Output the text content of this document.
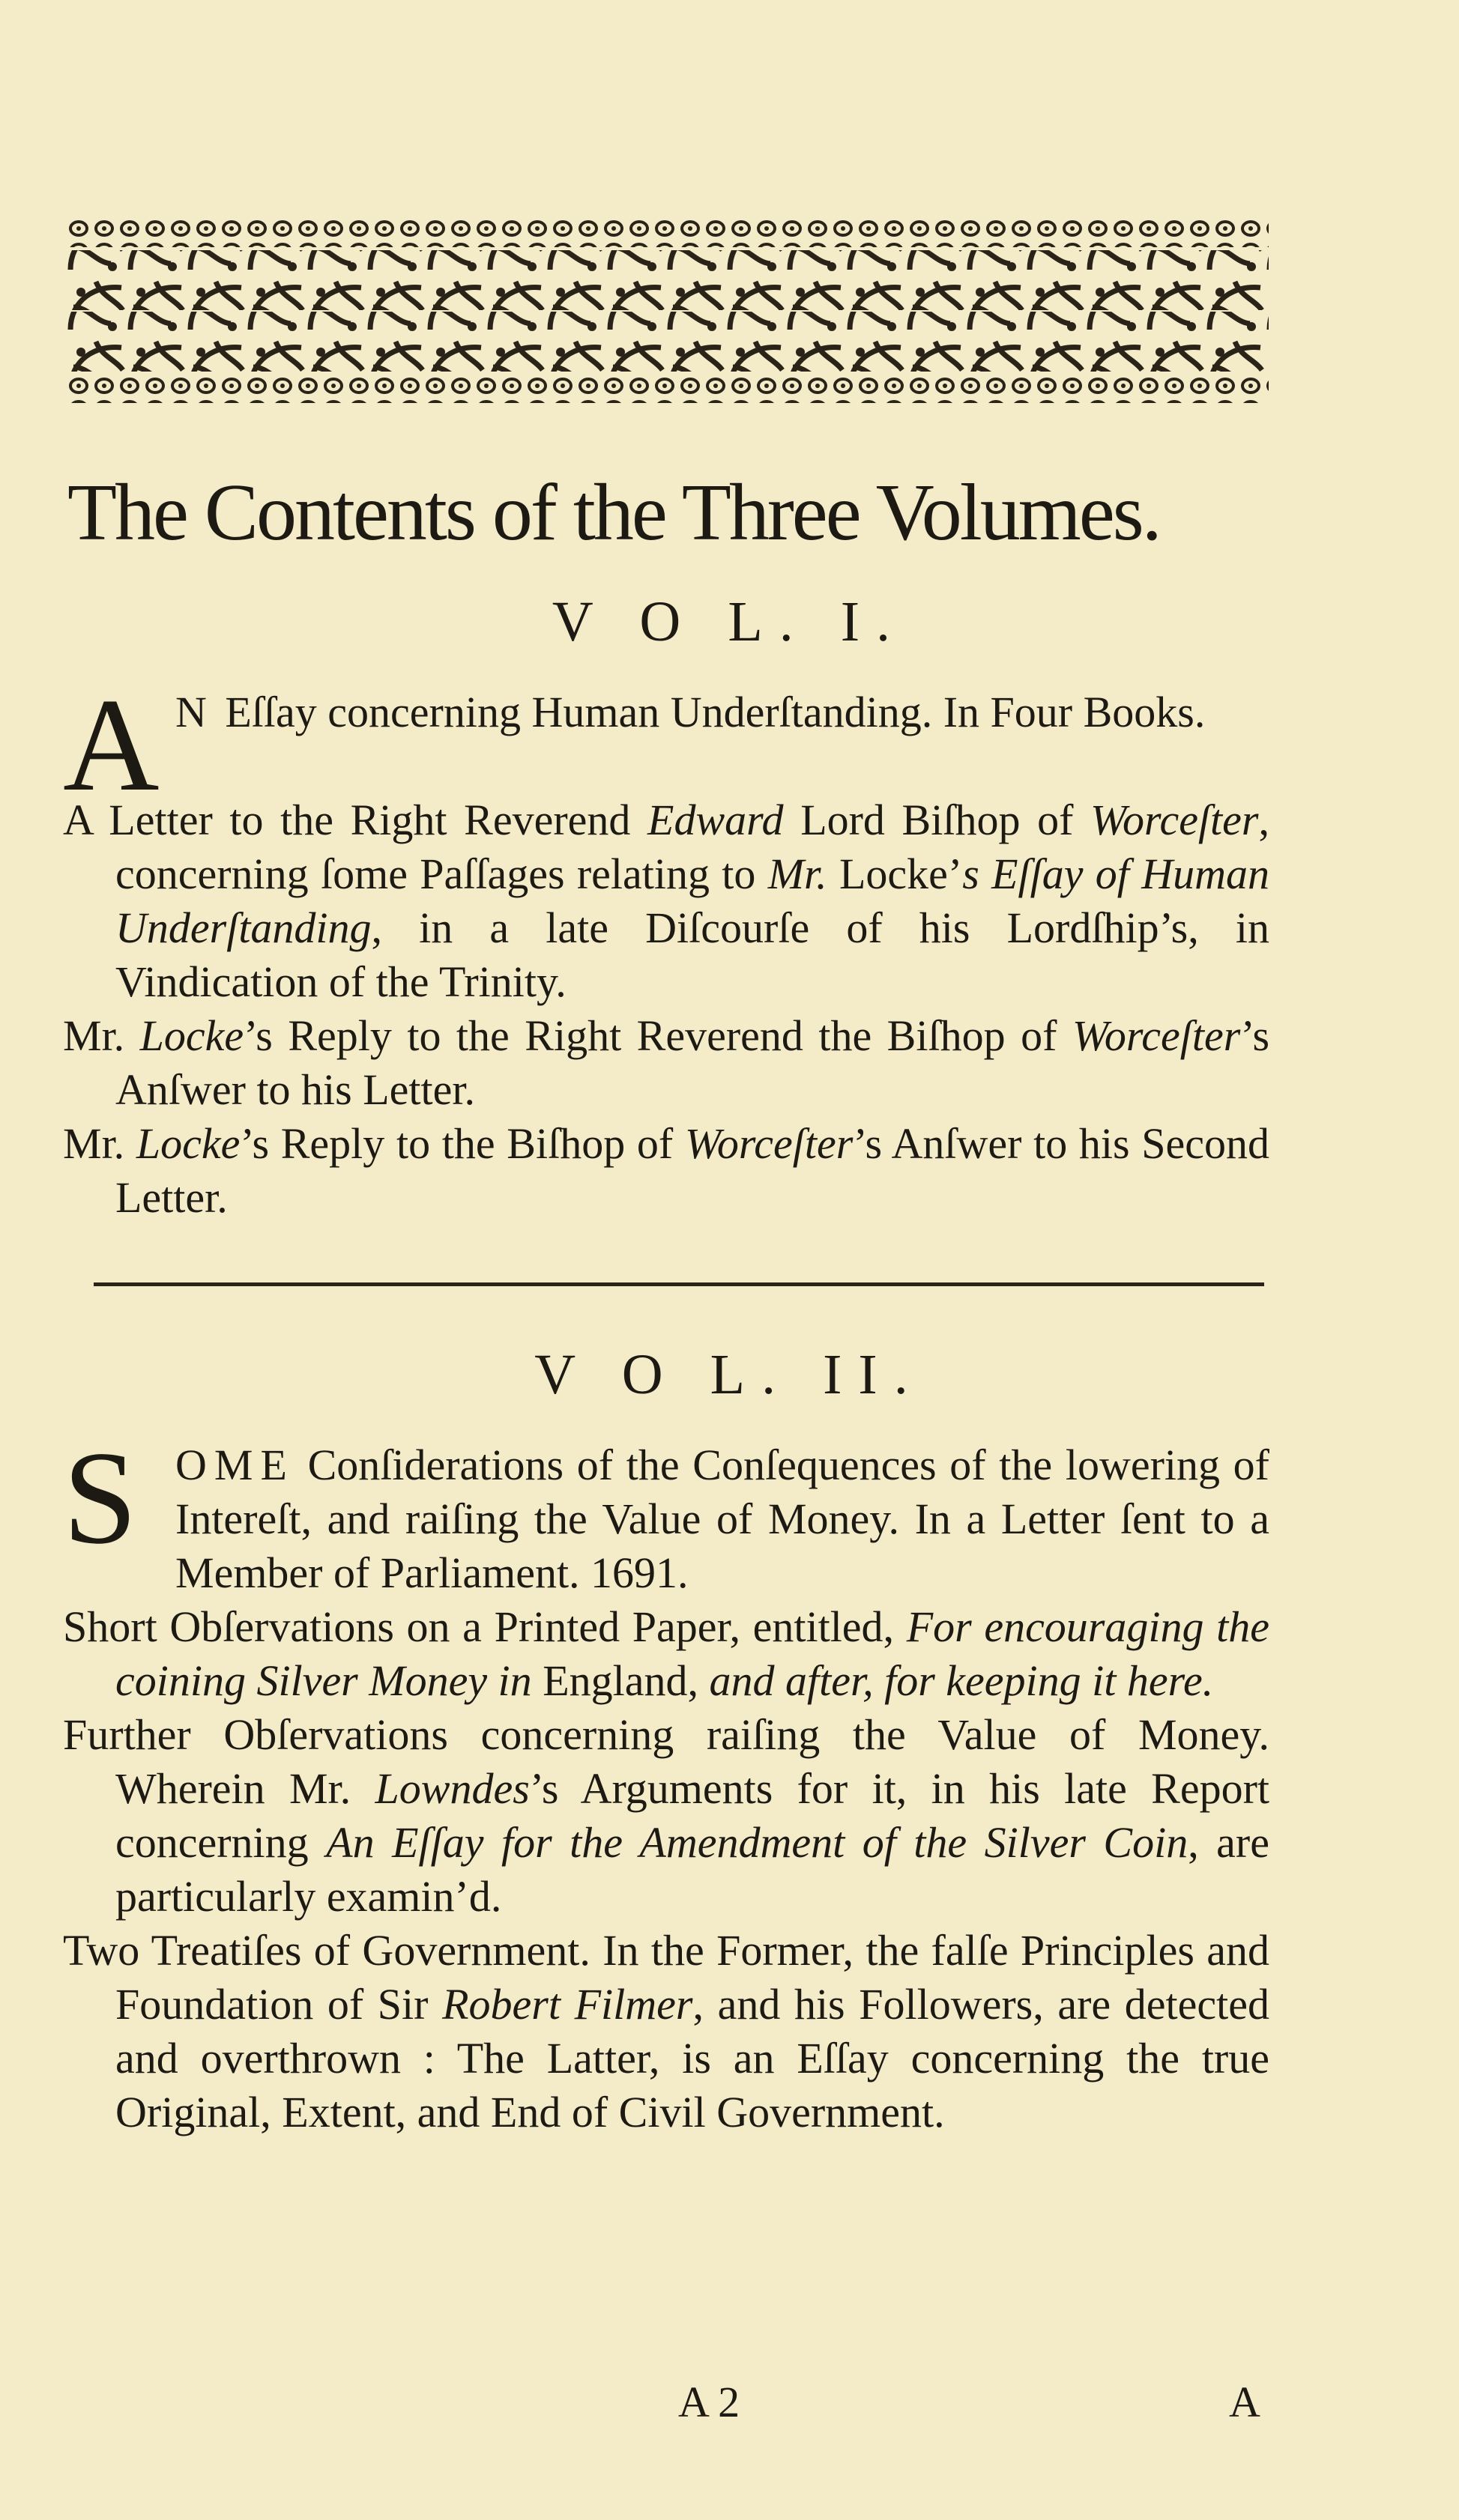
The Contents of the Three Volumes.
V O L. I.

A N Eſſay concerning Human Underſtanding. In Four Books.

A Letter to the Right Reverend Edward Lord Biſhop of Worceſter, concerning ſome Paſſages relating to Mr. Locke’s Eſſay of Human Underſtanding, in a late Diſcourſe of his Lordſhip’s, in Vindication of the Trinity.

Mr. Locke’s Reply to the Right Reverend the Biſhop of Worceſter’s Anſwer to his Letter.

Mr. Locke’s Reply to the Biſhop of Worceſter’s Anſwer to his Second Letter.

V O L. II.

S OME Conſiderations of the Conſequences of the lowering of Intereſt, and raiſing the Value of Money. In a Letter ſent to a Member of Parliament. 1691.

Short Obſervations on a Printed Paper, entitled, For encouraging the coining Silver Money in England, and after, for keeping it here.

Further Obſervations concerning raiſing the Value of Money. Wherein Mr. Lowndes’s Arguments for it, in his late Report concerning An Eſſay for the Amendment of the Silver Coin, are particularly examin’d.

Two Treatiſes of Government. In the Former, the falſe Principles and Foundation of Sir Robert Filmer, and his Followers, are detected and overthrown : The Latter, is an Eſſay concerning the true Original, Extent, and End of Civil Government.

A 2	A
